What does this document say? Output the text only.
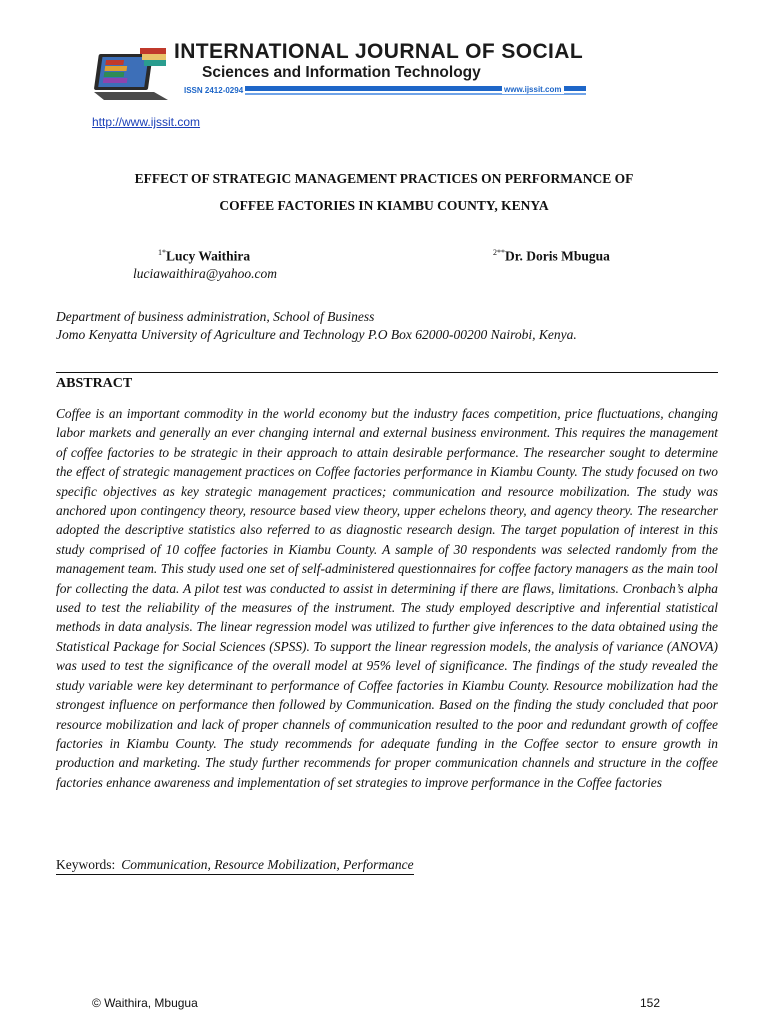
INTERNATIONAL JOURNAL OF SOCIAL
Sciences and Information Technology
ISSN 2412-0294	www.ijssit.com
http://www.ijssit.com
EFFECT OF STRATEGIC MANAGEMENT PRACTICES ON PERFORMANCE OF
COFFEE FACTORIES IN KIAMBU COUNTY, KENYA
$^{1*}$Lucy Waithira
luciawaithira@yahoo.com
$^{2**}$Dr. Doris Mbugua
Department of business administration, School of Business
Jomo Kenyatta University of Agriculture and Technology P.O Box 62000-00200 Nairobi, Kenya.
ABSTRACT
Coffee is an important commodity in the world economy but the industry faces competition, price fluctuations, changing labor markets and generally an ever changing internal and external business environment. This requires the management of coffee factories to be strategic in their approach to attain desirable performance. The researcher sought to determine the effect of strategic management practices on Coffee factories performance in Kiambu County. The study focused on two specific objectives as key strategic management practices; communication and resource mobilization. The study was anchored upon contingency theory, resource based view theory, upper echelons theory, and agency theory. The researcher adopted the descriptive statistics also referred to as diagnostic research design. The target population of interest in this study comprised of 10 coffee factories in Kiambu County. A sample of 30 respondents was selected randomly from the management team. This study used one set of self-administered questionnaires for coffee factory managers as the main tool for collecting the data. A pilot test was conducted to assist in determining if there are flaws, limitations. Cronbach’s alpha used to test the reliability of the measures of the instrument. The study employed descriptive and inferential statistical methods in data analysis. The linear regression model was utilized to further give inferences to the data obtained using the Statistical Package for Social Sciences (SPSS). To support the linear regression models, the analysis of variance (ANOVA) was used to test the significance of the overall model at 95% level of significance. The findings of the study revealed the study variable were key determinant to performance of Coffee factories in Kiambu County. Resource mobilization had the strongest influence on performance then followed by Communication. Based on the finding the study concluded that poor resource mobilization and lack of proper channels of communication resulted to the poor and redundant growth of coffee factories in Kiambu County. The study recommends for adequate funding in the Coffee sector to ensure growth in production and marketing. The study further recommends for proper communication channels and structure in the coffee factories enhance awareness and implementation of set strategies to improve performance in the Coffee factories
Keywords: Communication, Resource Mobilization, Performance
© Waithira, Mbugua	152
